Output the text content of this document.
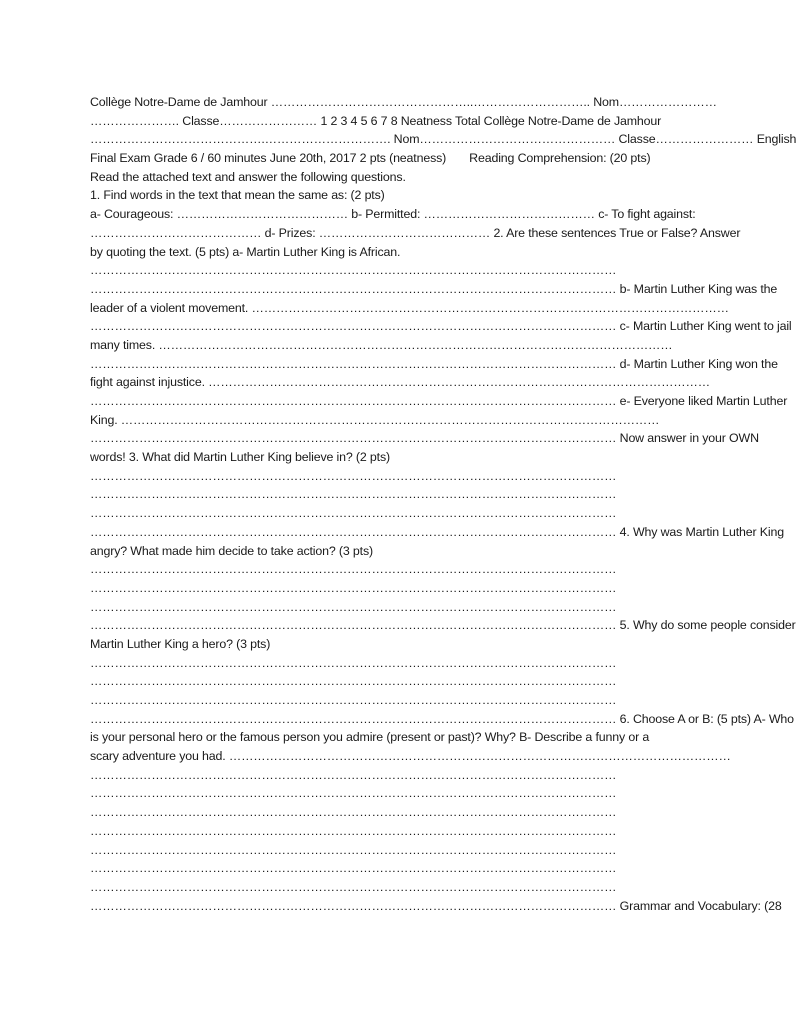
Collège Notre-Dame de Jamhour …………………………………………..……………………….. Nom……………………
…………………. Classe…………………… 1 2 3 4 5 6 7 8 Neatness Total Collège Notre-Dame de Jamhour
…………………………………….…………………………. Nom………………………………………… Classe…………………… English
Final Exam Grade 6 / 60 minutes June 20th, 2017 2 pts (neatness)       Reading Comprehension: (20 pts)
Read the attached text and answer the following questions.
1. Find words in the text that mean the same as: (2 pts)
a- Courageous: …………………………………… b- Permitted: …………………………………… c- To fight against:
…………………………………… d- Prizes: …………………………………… 2. Are these sentences True or False? Answer
by quoting the text. (5 pts) a- Martin Luther King is African.
…………………………………………………………………………………………………………………
………………………………………………………………………………………………………………… b- Martin Luther King was the
leader of a violent movement. ………………………………………………………………………………………………………
………………………………………………………………………………………………………………… c- Martin Luther King went to jail
many times. ………………………………………………………………………………………………………………
………………………………………………………………………………………………………………… d- Martin Luther King won the
fight against injustice. ……………………………………………………………………………………………………………
………………………………………………………………………………………………………………… e- Everyone liked Martin Luther
King. ……………………………………………………………………………………………………………………
………………………………………………………………………………………………………………… Now answer in your OWN
words! 3. What did Martin Luther King believe in? (2 pts)
…………………………………………………………………………………………………………………
…………………………………………………………………………………………………………………
…………………………………………………………………………………………………………………
………………………………………………………………………………………………………………… 4. Why was Martin Luther King
angry? What made him decide to take action? (3 pts)
…………………………………………………………………………………………………………………
…………………………………………………………………………………………………………………
…………………………………………………………………………………………………………………
………………………………………………………………………………………………………………… 5. Why do some people consider
Martin Luther King a hero? (3 pts)
…………………………………………………………………………………………………………………
…………………………………………………………………………………………………………………
…………………………………………………………………………………………………………………
………………………………………………………………………………………………………………… 6. Choose A or B: (5 pts) A- Who
is your personal hero or the famous person you admire (present or past)? Why? B- Describe a funny or a
scary adventure you had. ……………………………………………………………………………………………………………
…………………………………………………………………………………………………………………
…………………………………………………………………………………………………………………
…………………………………………………………………………………………………………………
…………………………………………………………………………………………………………………
…………………………………………………………………………………………………………………
…………………………………………………………………………………………………………………
…………………………………………………………………………………………………………………
………………………………………………………………………………………………………………… Grammar and Vocabulary: (28
